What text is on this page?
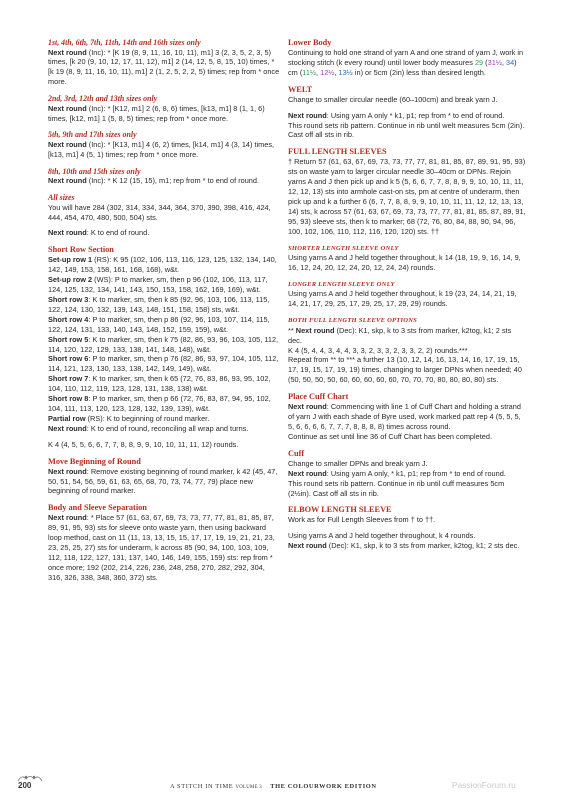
1st, 4th, 6th, 7th, 11th, 14th and 16th sizes only

Next round (Inc): * [K 19 (8, 9, 11, 16, 10, 11), m1] 3 (2, 3, 5, 2, 3, 5) times, [k 20 (9, 10, 12, 17, 11, 12), m1] 2 (14, 12, 5, 8, 15, 10) times, * [k 19 (8, 9, 11, 16, 10, 11), m1] 2 (1, 2, 5, 2, 2, 5) times; rep from * once more.

2nd, 3rd, 12th and 13th sizes only

Next round (Inc): * [K12, m1] 2 (6, 8, 6) times, [k13, m1] 8 (1, 1, 6) times, [k12, m1] 1 (5, 8, 5) times; rep from * once more.

5th, 9th and 17th sizes only

Next round (Inc): * [K13, m1] 4 (6, 2) times, [k14, m1] 4 (3, 14) times, [k13, m1] 4 (5, 1) times; rep from * once more.

8th, 10th and 15th sizes only

Next round (Inc): * K 12 (15, 15), m1; rep from * to end of round.

All sizes

You will have 284 (302, 314, 334, 344, 364, 370, 390, 398, 416, 424, 444, 454, 470, 480, 500, 504) sts.

Next round: K to end of round.

Short Row Section

Set-up row 1 (RS): K 95 (102, 106, 113, 116, 123, 125, 132, 134, 140, 142, 149, 153, 158, 161, 168, 168), w&t.

Set-up row 2 (WS): P to marker, sm, then p 96 (102, 106, 113, 117, 124, 125, 132, 134, 141, 143, 150, 153, 158, 162, 169, 169), w&t.

Short row 3: K to marker, sm, then k 85 (92, 96, 103, 106, 113, 115, 122, 124, 130, 132, 139, 143, 148, 151, 158, 158) sts, w&t.

Short row 4: P to marker, sm, then p 86 (92, 96, 103, 107, 114, 115, 122, 124, 131, 133, 140, 143, 148, 152, 159, 159), w&t.

Short row 5: K to marker, sm, then k 75 (82, 86, 93, 96, 103, 105, 112, 114, 120, 122, 129, 133, 138, 141, 148, 148), w&t.

Short row 6: P to marker, sm, then p 76 (82, 86, 93, 97, 104, 105, 112, 114, 121, 123, 130, 133, 138, 142, 149, 149), w&t.

Short row 7: K to marker, sm, then k 65 (72, 76, 83, 86, 93, 95, 102, 104, 110, 112, 119, 123, 128, 131, 138, 138) w&t.

Short row 8: P to marker, sm, then p 66 (72, 76, 83, 87, 94, 95, 102, 104, 111, 113, 120, 123, 128, 132, 139, 139), w&t.

Partial row (RS): K to beginning of round marker.

Next round: K to end of round, reconciling all wrap and turns.

K 4 (4, 5, 5, 6, 6, 7, 7, 8, 8, 9, 9, 10, 10, 11, 11, 12) rounds.

Move Beginning of Round

Next round: Remove existing beginning of round marker, k 42 (45, 47, 50, 51, 54, 56, 59, 61, 63, 65, 68, 70, 73, 74, 77, 79) place new beginning of round marker.

Body and Sleeve Separation

Next round: * Place 57 (61, 63, 67, 69, 73, 73, 77, 77, 81, 81, 85, 87, 89, 91, 95, 93) sts for sleeve onto waste yarn, then using backward loop method, cast on 11 (11, 13, 13, 15, 15, 17, 17, 19, 19, 21, 21, 23, 23, 25, 25, 27) sts for underarm, k across 85 (90, 94, 100, 103, 109, 112, 118, 122, 127, 131, 137, 140, 146, 149, 155, 159) sts: rep from * once more; 192 (202, 214, 226, 236, 248, 258, 270, 282, 292, 304, 316, 326, 338, 348, 360, 372) sts.

Lower Body

Continuing to hold one strand of yarn A and one strand of yarn J, work in stocking stitch (k every round) until lower body measures 29 (31½, 34) cm (11½, 12½, 13½ in) or 5cm (2in) less than desired length.

WELT

Change to smaller circular needle (60–100cm) and break yarn J.

Next round: Using yarn A only * k1, p1; rep from * to end of round.

This round sets rib pattern. Continue in rib until welt measures 5cm (2in). Cast off all sts in rib.

FULL LENGTH SLEEVES

† Return 57 (61, 63, 67, 69, 73, 73, 77, 77, 81, 81, 85, 87, 89, 91, 95, 93) sts on waste yarn to larger circular needle 30–40cm or DPNs. Rejoin yarns A and J then pick up and k 5 (5, 6, 6, 7, 7, 8, 8, 9, 9, 10, 10, 11, 11, 12, 12, 13) sts into armhole cast-on sts, pm at centre of underarm, then pick up and k a further 6 (6, 7, 7, 8, 8, 9, 9, 10, 10, 11, 11, 12, 12, 13, 13, 14) sts, k across 57 (61, 63, 67, 69, 73, 73, 77, 77, 81, 81, 85, 87, 89, 91, 95, 93) sleeve sts, then k to marker; 68 (72, 76, 80, 84, 88, 90, 94, 96, 100, 102, 106, 110, 112, 116, 120, 120) sts. ††

SHORTER LENGTH SLEEVE ONLY

Using yarns A and J held together throughout, k 14 (18, 19, 9, 16, 14, 9, 16, 12, 24, 20, 12, 24, 20, 12, 24, 24) rounds.

LONGER LENGTH SLEEVE ONLY

Using yarns A and J held together throughout, k 19 (23, 24, 14, 21, 19, 14, 21, 17, 29, 25, 17, 29, 25, 17, 29, 29) rounds.

BOTH FULL LENGTH SLEEVE OPTIONS

** Next round (Dec): K1, skp, k to 3 sts from marker, k2tog, k1; 2 sts dec.

K 4 (5, 4, 4, 3, 4, 4, 3, 3, 2, 3, 3, 2, 3, 3, 2, 2) rounds.***

Repeat from ** to *** a further 13 (10, 12, 14, 16, 13, 14, 16, 17, 19, 15, 17, 19, 15, 17, 19, 19) times, changing to larger DPNs when needed; 40 (50, 50, 50, 50, 60, 60, 60, 60, 60, 70, 70, 70, 80, 80, 80, 80) sts.

Place Cuff Chart

Next round: Commencing with line 1 of Cuff Chart and holding a strand of yarn J with each shade of Byre used, work marked patt rep 4 (5, 5, 5, 5, 6, 6, 6, 6, 7, 7, 7, 8, 8, 8, 8) times across round.

Continue as set until line 36 of Cuff Chart has been completed.

Cuff

Change to smaller DPNs and break yarn J.

Next round: Using yarn A only, * k1, p1; rep from * to end of round.

This round sets rib pattern. Continue in rib until cuff measures 5cm (2½in). Cast off all sts in rib.

ELBOW LENGTH SLEEVE

Work as for Full Length Sleeves from † to ††.

Using yarns A and J held together throughout, k 4 rounds.

Next round (Dec): K1, skp, k to 3 sts from marker, k2tog, k1; 2 sts dec.

200	A STITCH IN TIME VOLUME 3 THE COLOURWORK EDITION	PassionForum.ru
